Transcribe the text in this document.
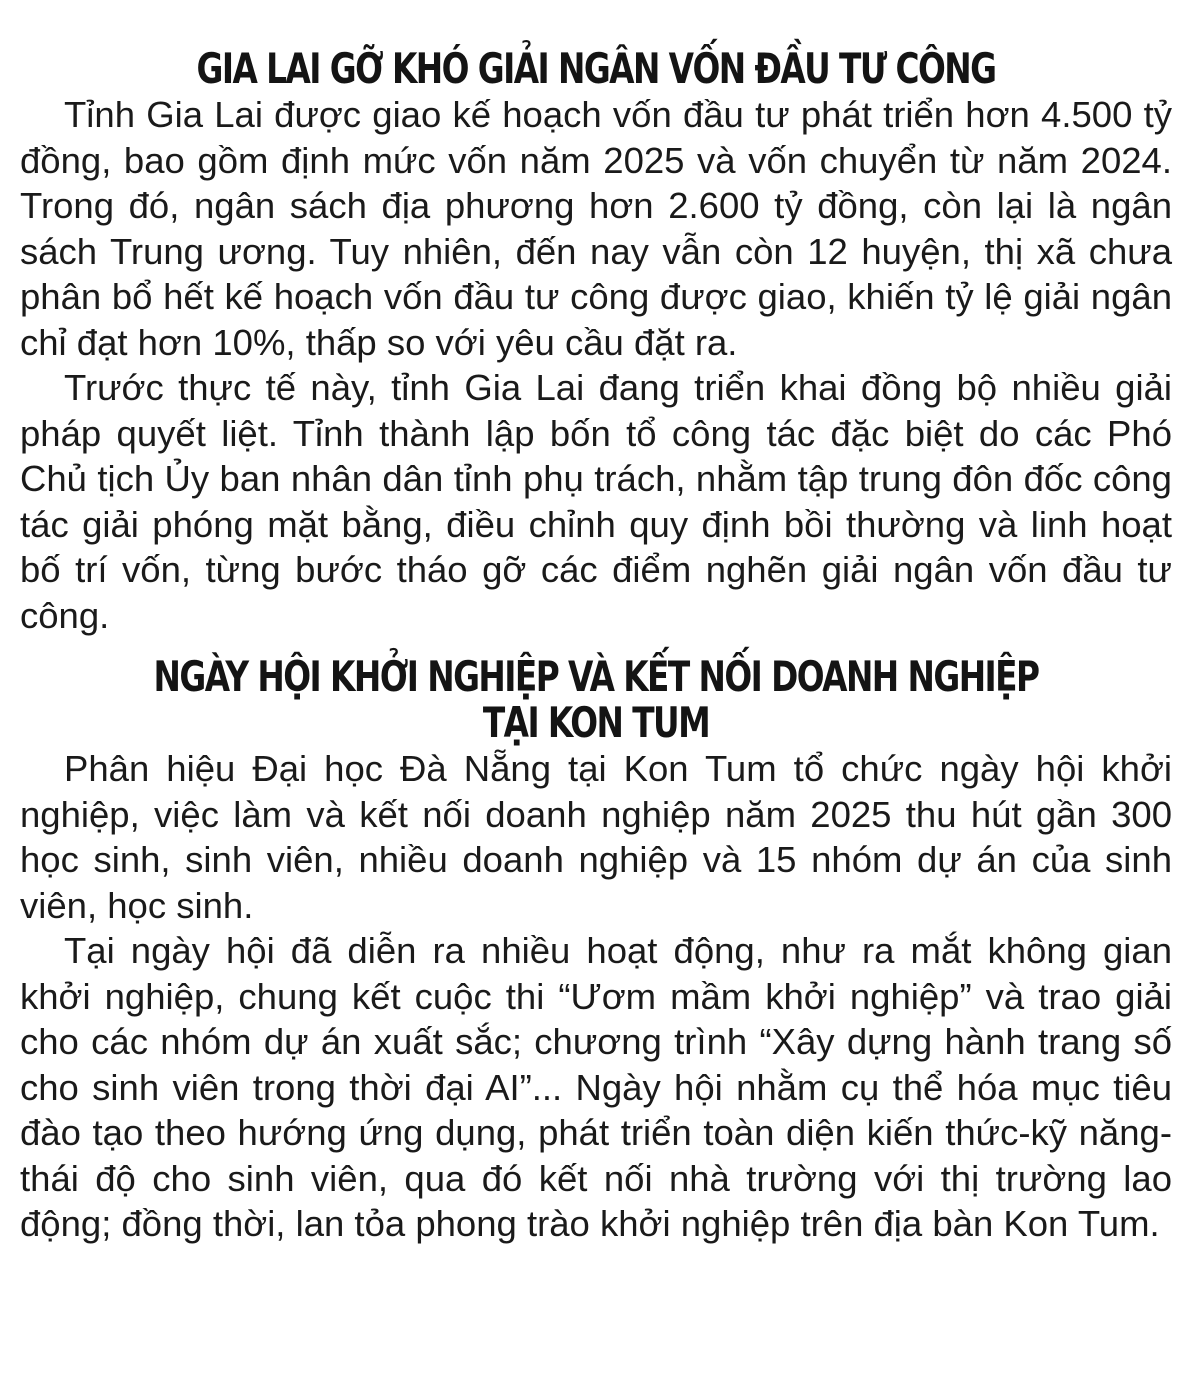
GIA LAI GỠ KHÓ GIẢI NGÂN VỐN ĐẦU TƯ CÔNG

Tỉnh Gia Lai được giao kế hoạch vốn đầu tư phát triển hơn 4.500 tỷ đồng, bao gồm định mức vốn năm 2025 và vốn chuyển từ năm 2024. Trong đó, ngân sách địa phương hơn 2.600 tỷ đồng, còn lại là ngân sách Trung ương. Tuy nhiên, đến nay vẫn còn 12 huyện, thị xã chưa phân bổ hết kế hoạch vốn đầu tư công được giao, khiến tỷ lệ giải ngân chỉ đạt hơn 10%, thấp so với yêu cầu đặt ra.

Trước thực tế này, tỉnh Gia Lai đang triển khai đồng bộ nhiều giải pháp quyết liệt. Tỉnh thành lập bốn tổ công tác đặc biệt do các Phó Chủ tịch Ủy ban nhân dân tỉnh phụ trách, nhằm tập trung đôn đốc công tác giải phóng mặt bằng, điều chỉnh quy định bồi thường và linh hoạt bố trí vốn, từng bước tháo gỡ các điểm nghẽn giải ngân vốn đầu tư công.

NGÀY HỘI KHỞI NGHIỆP VÀ KẾT NỐI DOANH NGHIỆP
TẠI KON TUM

Phân hiệu Đại học Đà Nẵng tại Kon Tum tổ chức ngày hội khởi nghiệp, việc làm và kết nối doanh nghiệp năm 2025 thu hút gần 300 học sinh, sinh viên, nhiều doanh nghiệp và 15 nhóm dự án của sinh viên, học sinh.

Tại ngày hội đã diễn ra nhiều hoạt động, như ra mắt không gian khởi nghiệp, chung kết cuộc thi “Ươm mầm khởi nghiệp” và trao giải cho các nhóm dự án xuất sắc; chương trình “Xây dựng hành trang số cho sinh viên trong thời đại AI”... Ngày hội nhằm cụ thể hóa mục tiêu đào tạo theo hướng ứng dụng, phát triển toàn diện kiến thức-kỹ năng-thái độ cho sinh viên, qua đó kết nối nhà trường với thị trường lao động; đồng thời, lan tỏa phong trào khởi nghiệp trên địa bàn Kon Tum.
